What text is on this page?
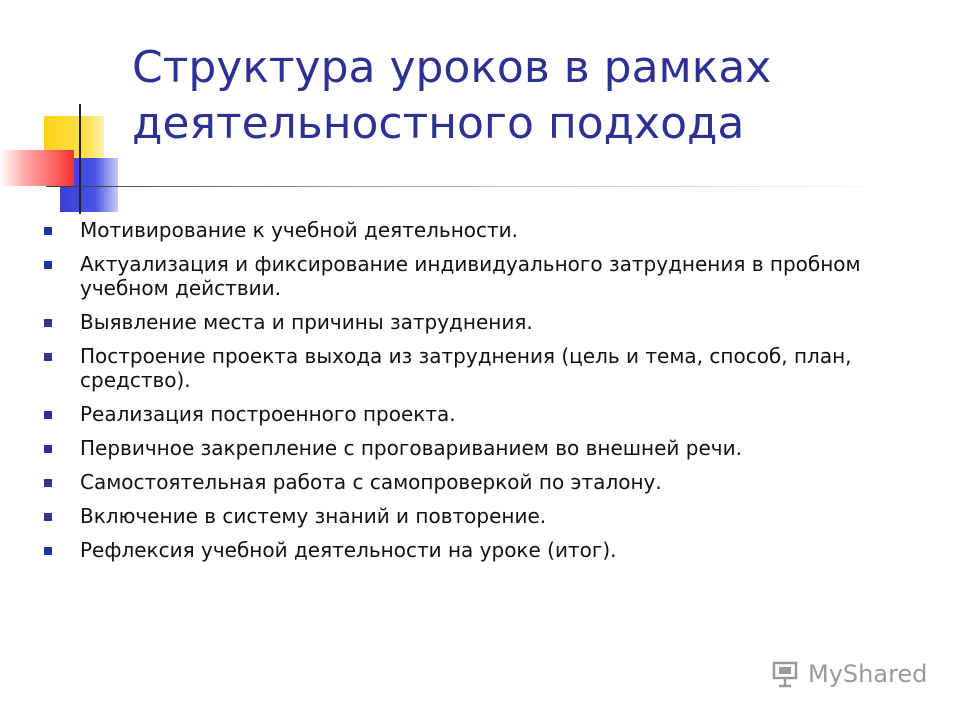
Структура уроков в рамках деятельностного подхода
Мотивирование к учебной деятельности.
Актуализация и фиксирование индивидуального затруднения в пробном учебном действии.
Выявление места и причины затруднения.
Построение проекта выхода из затруднения (цель и тема, способ, план, средство).
Реализация построенного проекта.
Первичное закрепление с проговариванием во внешней речи.
Самостоятельная работа с самопроверкой по эталону.
Включение в систему знаний и повторение.
Рефлексия учебной деятельности на уроке (итог).
MyShared
